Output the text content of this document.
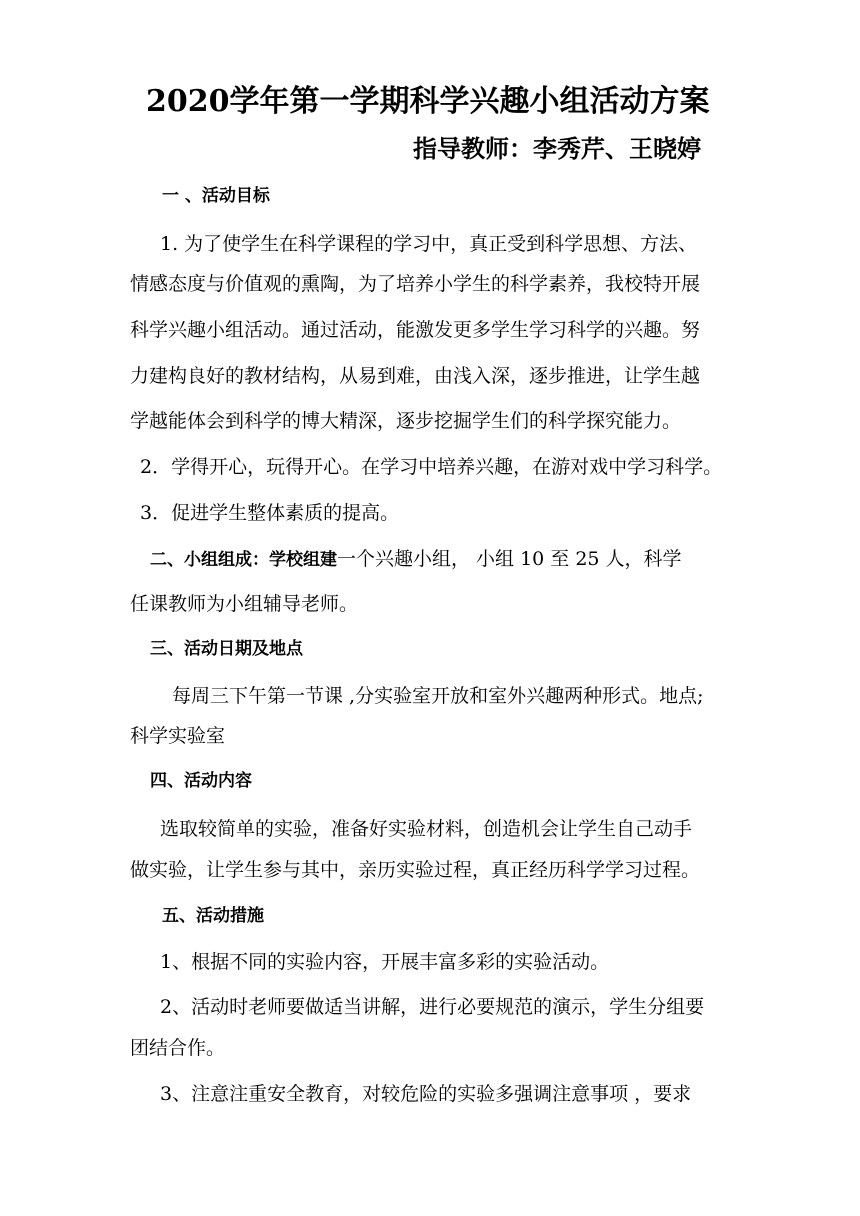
2020学年第一学期科学兴趣小组活动方案
指导教师：李秀芹、王晓婷
一 、活动目标
1. 为了使学生在科学课程的学习中，真正受到科学思想、方法、
情感态度与价值观的熏陶，为了培养小学生的科学素养，我校特开展
科学兴趣小组活动。通过活动，能激发更多学生学习科学的兴趣。努
力建构良好的教材结构，从易到难，由浅入深，逐步推进，让学生越
学越能体会到科学的博大精深，逐步挖掘学生们的科学探究能力。
2．学得开心，玩得开心。在学习中培养兴趣，在游对戏中学习科学。
3．促进学生整体素质的提高。
二、小组组成：学校组建一个兴趣小组， 小组 10 至 25 人，科学
任课教师为小组辅导老师。
三、活动日期及地点
每周三下午第一节课 ,分实验室开放和室外兴趣两种形式。地点;
科学实验室
四、活动内容
选取较简单的实验，准备好实验材料，创造机会让学生自己动手
做实验，让学生参与其中，亲历实验过程，真正经历科学学习过程。
五、活动措施
1、根据不同的实验内容，开展丰富多彩的实验活动。
2、活动时老师要做适当讲解，进行必要规范的演示，学生分组要
团结合作。
3、注意注重安全教育，对较危险的实验多强调注意事项 ，要求
